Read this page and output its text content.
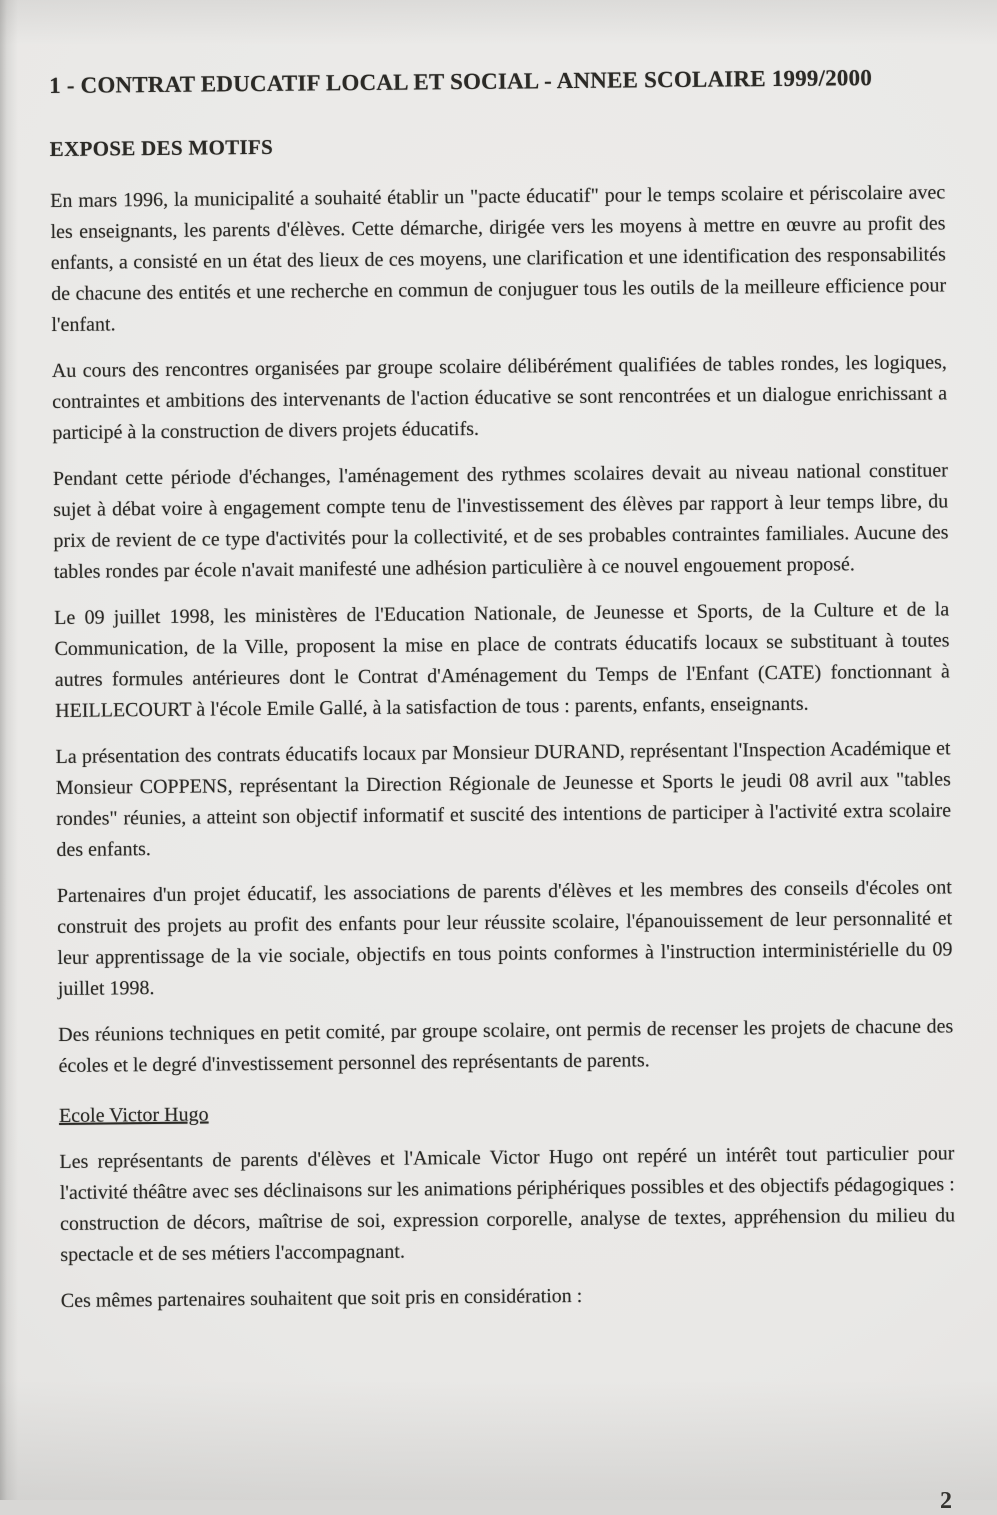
1 - CONTRAT EDUCATIF LOCAL ET SOCIAL - ANNEE SCOLAIRE 1999/2000
EXPOSE DES MOTIFS

En mars 1996, la municipalité a souhaité établir un "pacte éducatif" pour le temps scolaire et périscolaire avec les enseignants, les parents d'élèves. Cette démarche, dirigée vers les moyens à mettre en œuvre au profit des enfants, a consisté en un état des lieux de ces moyens, une clarification et une identification des responsabilités de chacune des entités et une recherche en commun de conjuguer tous les outils de la meilleure efficience pour l'enfant.

Au cours des rencontres organisées par groupe scolaire délibérément qualifiées de tables rondes, les logiques, contraintes et ambitions des intervenants de l'action éducative se sont rencontrées et un dialogue enrichissant a participé à la construction de divers projets éducatifs.

Pendant cette période d'échanges, l'aménagement des rythmes scolaires devait au niveau national constituer sujet à débat voire à engagement compte tenu de l'investissement des élèves par rapport à leur temps libre, du prix de revient de ce type d'activités pour la collectivité, et de ses probables contraintes familiales. Aucune des tables rondes par école n'avait manifesté une adhésion particulière à ce nouvel engouement proposé.

Le 09 juillet 1998, les ministères de l'Education Nationale, de Jeunesse et Sports, de la Culture et de la Communication, de la Ville, proposent la mise en place de contrats éducatifs locaux se substituant à toutes autres formules antérieures dont le Contrat d'Aménagement du Temps de l'Enfant (CATE) fonctionnant à HEILLECOURT à l'école Emile Gallé, à la satisfaction de tous : parents, enfants, enseignants.

La présentation des contrats éducatifs locaux par Monsieur DURAND, représentant l'Inspection Académique et Monsieur COPPENS, représentant la Direction Régionale de Jeunesse et Sports le jeudi 08 avril aux "tables rondes" réunies, a atteint son objectif informatif et suscité des intentions de participer à l'activité extra scolaire des enfants.

Partenaires d'un projet éducatif, les associations de parents d'élèves et les membres des conseils d'écoles ont construit des projets au profit des enfants pour leur réussite scolaire, l'épanouissement de leur personnalité et leur apprentissage de la vie sociale, objectifs en tous points conformes à l'instruction interministérielle du 09 juillet 1998.

Des réunions techniques en petit comité, par groupe scolaire, ont permis de recenser les projets de chacune des écoles et le degré d'investissement personnel des représentants de parents.

Ecole Victor Hugo

Les représentants de parents d'élèves et l'Amicale Victor Hugo ont repéré un intérêt tout particulier pour l'activité théâtre avec ses déclinaisons sur les animations périphériques possibles et des objectifs pédagogiques : construction de décors, maîtrise de soi, expression corporelle, analyse de textes, appréhension du milieu du spectacle et de ses métiers l'accompagnant.

Ces mêmes partenaires souhaitent que soit pris en considération :

2
